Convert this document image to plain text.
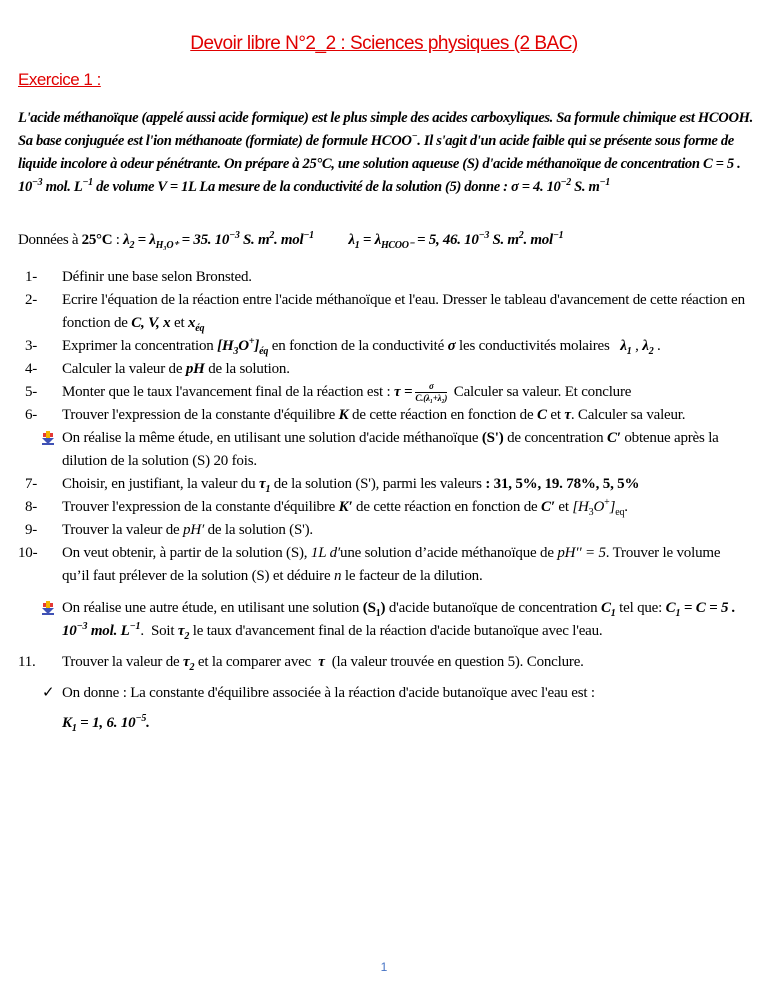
Devoir libre N°2_2 : Sciences physiques (2 BAC)
Exercice 1 :
L'acide méthanoïque (appelé aussi acide formique) est le plus simple des acides carboxyliques. Sa formule chimique est HCOOH. Sa base conjuguée est l'ion méthanoate (formiate) de formule HCOO−. Il s'agit d'un acide faible qui se présente sous forme de liquide incolore à odeur pénétrante. On prépare à 25°C, une solution aqueuse (S) d'acide méthanoïque de concentration C = 5 . $10^{-3}$ mol. $L^{-1}$ de volume V = 1L La mesure de la conductivité de la solution (5) donne : σ = 4. $10^{-2}$ S. $m^{-1}$
Données à 25°C : $\lambda_2 = \lambda_{H_3O^+} = 35$. $10^{-3}$ S. $m^2$. mol$^{-1}$ $\lambda_1 = \lambda_{HCOO^-} = 5$, 46. $10^{-3}$ S. $m^2$. mol$^{-1}$
1- Définir une base selon Bronsted.
2- Ecrire l'équation de la réaction entre l'acide méthanoïque et l'eau. Dresser le tableau d'avancement de cette réaction en fonction de C, V, x et $x_{éq}$
3- Exprimer la concentration $[H_3O^+]_{éq}$ en fonction de la conductivité σ les conductivités molaires   $\lambda_1$ , $\lambda_2$ .
4- Calculer la valeur de pH de la solution.
5- Monter que le taux l'avancement final de la réaction est : $\tau = \frac{\sigma}{\text{C.(λ₁+λ₂)}}$ Calculer sa valeur. Et conclure
6- Trouver l'expression de la constante d'équilibre K de cette réaction en fonction de C et τ. Calculer sa valeur.
On réalise la même étude, en utilisant une solution d'acide méthanoïque (S') de concentration C′ obtenue après la dilution de la solution (S) 20 fois.
7- Choisir, en justifiant, la valeur du $\tau_1$ de la solution (S'), parmi les valeurs : 31, 5%, 19. 78%, 5, 5%
8- Trouver l'expression de la constante d'équilibre K′ de cette réaction en fonction de C′ et $[H_3O^+]_{eq}$.
9- Trouver la valeur de pH′ de la solution (S').
10- On veut obtenir, à partir de la solution (S), 1L d′une solution d’acide méthanoïque de pH′′ = 5. Trouver le volume qu’il faut prélever de la solution (S) et déduire n le facteur de la dilution.
On réalise une autre étude, en utilisant une solution $(S_1)$ d'acide butanoïque de concentration $C_1$ tel que: $C_1 = C = 5$ . $10^{-3}$ mol. $L^{-1}$.  Soit $\tau_2$ le taux d'avancement final de la réaction d'acide butanoïque avec l'eau.
11. Trouver la valeur de $\tau_2$ et la comparer avec  τ  (la valeur trouvée en question 5). Conclure.
✓ On donne : La constante d'équilibre associée à la réaction d'acide butanoïque avec l'eau est :
$K_1 = 1$, 6. $10^{-5}$.
1
